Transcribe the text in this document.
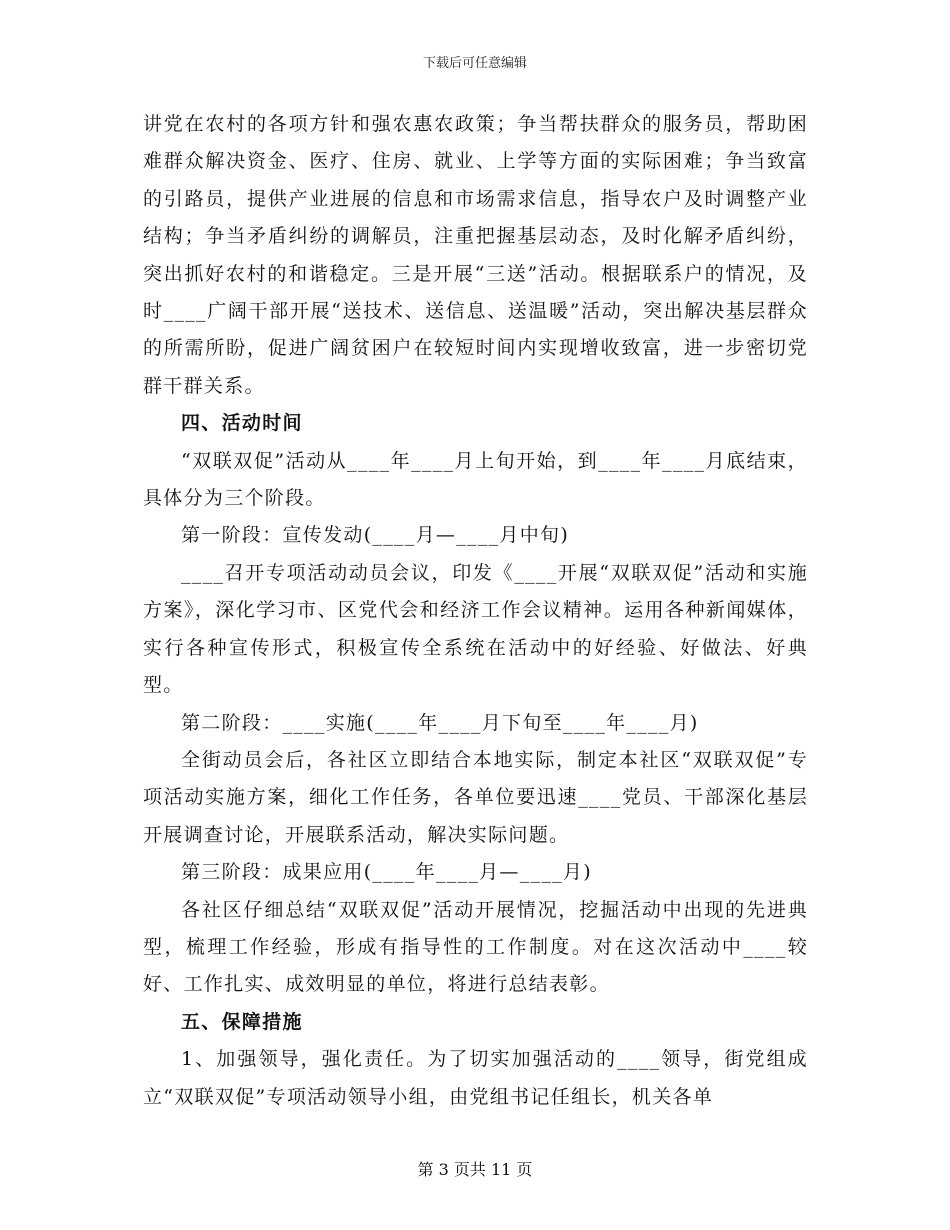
下载后可任意编辑

讲党在农村的各项方针和强农惠农政策；争当帮扶群众的服务员，帮助困难群众解决资金、医疗、住房、就业、上学等方面的实际困难；争当致富的引路员，提供产业进展的信息和市场需求信息，指导农户及时调整产业结构；争当矛盾纠纷的调解员，注重把握基层动态，及时化解矛盾纠纷，突出抓好农村的和谐稳定。三是开展“三送”活动。根据联系户的情况，及时____广阔干部开展“送技术、送信息、送温暖”活动，突出解决基层群众的所需所盼，促进广阔贫困户在较短时间内实现增收致富，进一步密切党群干群关系。

四、活动时间

“双联双促”活动从____年____月上旬开始，到____年____月底结束，具体分为三个阶段。

第一阶段：宣传发动(____月—____月中旬)

____召开专项活动动员会议，印发《____开展“双联双促”活动和实施方案》，深化学习市、区党代会和经济工作会议精神。运用各种新闻媒体，实行各种宣传形式，积极宣传全系统在活动中的好经验、好做法、好典型。

第二阶段：____实施(____年____月下旬至____年____月)

全街动员会后，各社区立即结合本地实际，制定本社区“双联双促”专项活动实施方案，细化工作任务，各单位要迅速____党员、干部深化基层开展调查讨论，开展联系活动，解决实际问题。

第三阶段：成果应用(____年____月—____月)

各社区仔细总结“双联双促”活动开展情况，挖掘活动中出现的先进典型，梳理工作经验，形成有指导性的工作制度。对在这次活动中____较好、工作扎实、成效明显的单位，将进行总结表彰。

五、保障措施

1、加强领导，强化责任。为了切实加强活动的____领导，街党组成立“双联双促”专项活动领导小组，由党组书记任组长，机关各单

第 3 页共 11 页
